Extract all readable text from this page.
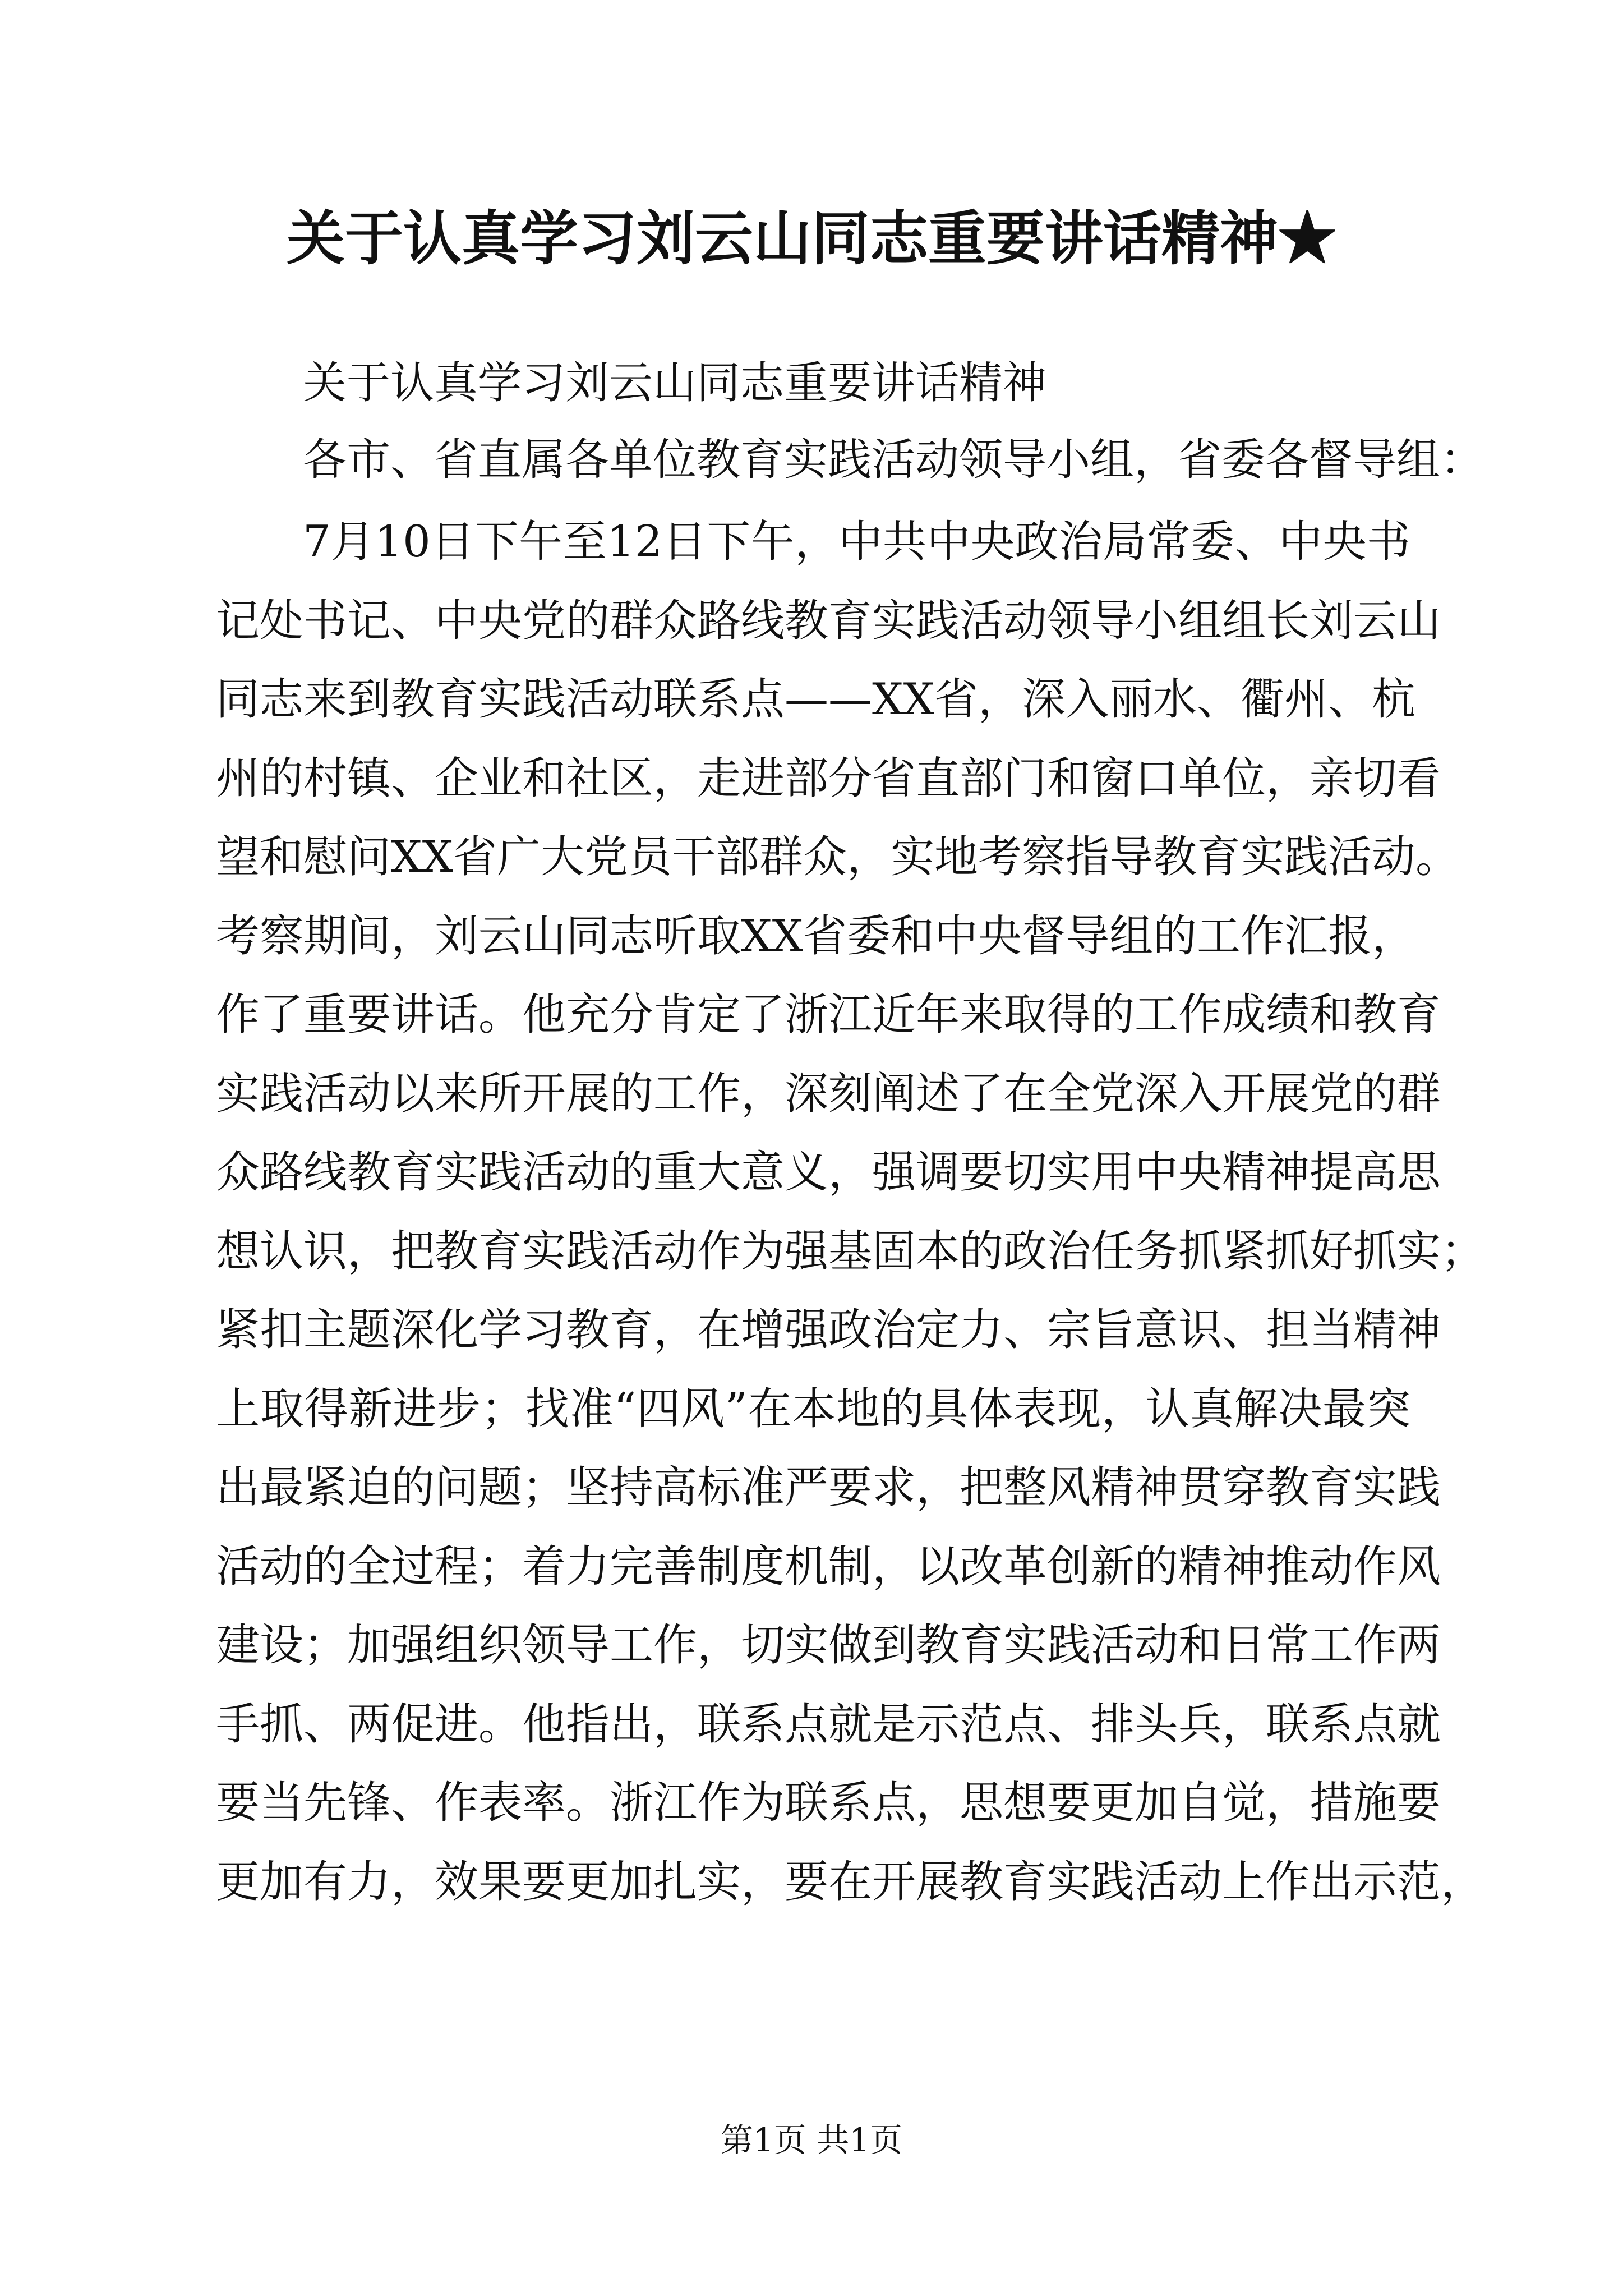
关于认真学习刘云山同志重要讲话精神★
关于认真学习刘云山同志重要讲话精神
各市、省直属各单位教育实践活动领导小组，省委各督导组：
7月10日下午至12日下午，中共中央政治局常委、中央书
记处书记、中央党的群众路线教育实践活动领导小组组长刘云山
同志来到教育实践活动联系点——XX省，深入丽水、衢州、杭
州的村镇、企业和社区，走进部分省直部门和窗口单位，亲切看
望和慰问XX省广大党员干部群众，实地考察指导教育实践活动。
考察期间，刘云山同志听取XX省委和中央督导组的工作汇报，
作了重要讲话。他充分肯定了浙江近年来取得的工作成绩和教育
实践活动以来所开展的工作，深刻阐述了在全党深入开展党的群
众路线教育实践活动的重大意义，强调要切实用中央精神提高思
想认识，把教育实践活动作为强基固本的政治任务抓紧抓好抓实；
紧扣主题深化学习教育，在增强政治定力、宗旨意识、担当精神
上取得新进步；找准“四风”在本地的具体表现，认真解决最突
出最紧迫的问题；坚持高标准严要求，把整风精神贯穿教育实践
活动的全过程；着力完善制度机制，以改革创新的精神推动作风
建设；加强组织领导工作，切实做到教育实践活动和日常工作两
手抓、两促进。他指出，联系点就是示范点、排头兵，联系点就
要当先锋、作表率。浙江作为联系点，思想要更加自觉，措施要
更加有力，效果要更加扎实，要在开展教育实践活动上作出示范，
第1页 共1页
